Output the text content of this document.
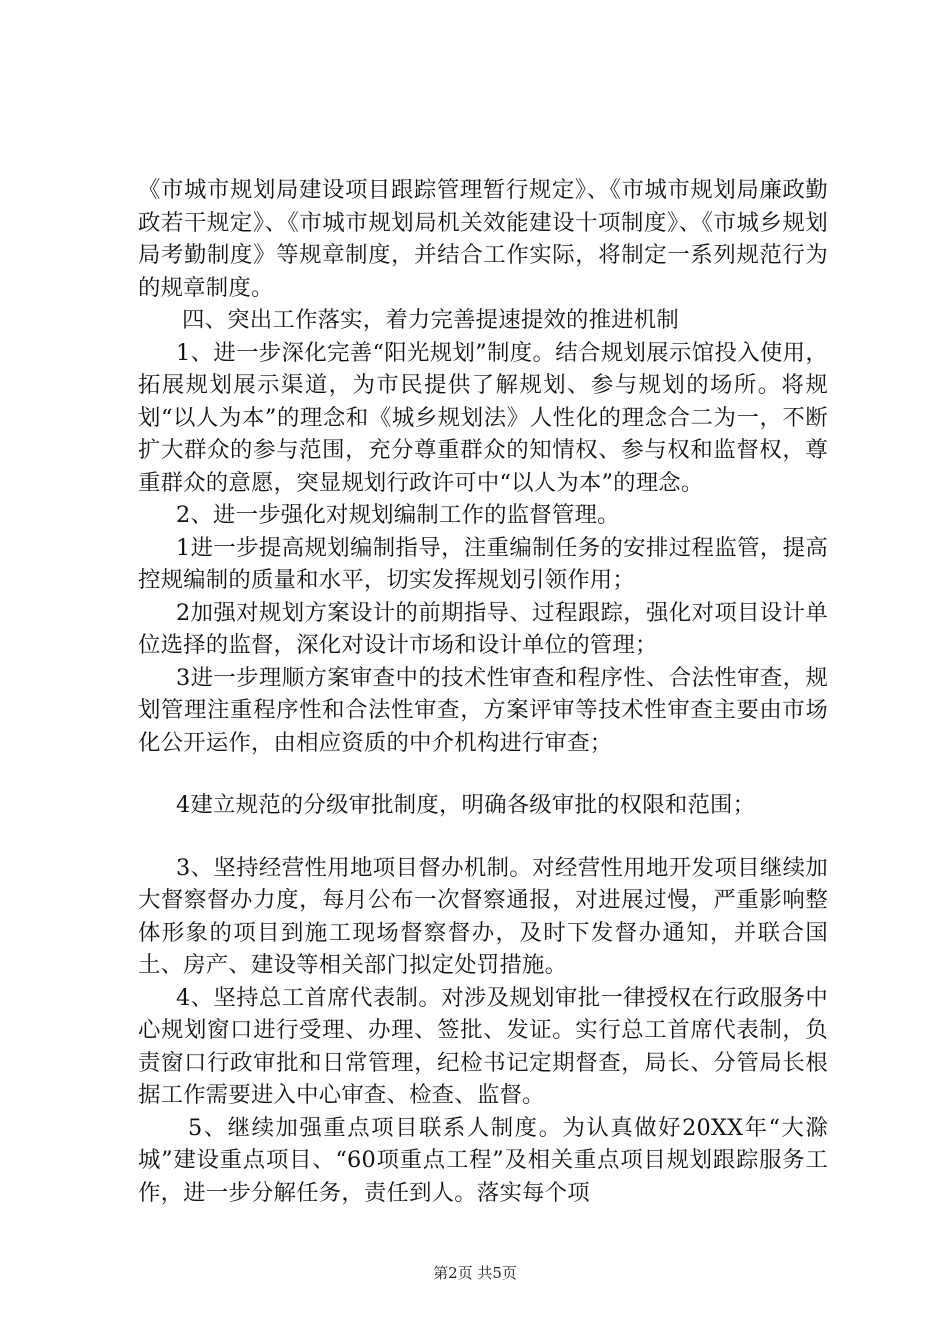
《市城市规划局建设项目跟踪管理暂行规定》、《市城市规划局廉政勤政若干规定》、《市城市规划局机关效能建设十项制度》、《市城乡规划局考勤制度》等规章制度，并结合工作实际，将制定一系列规范行为的规章制度。

四、突出工作落实，着力完善提速提效的推进机制

1、进一步深化完善“阳光规划”制度。结合规划展示馆投入使用，拓展规划展示渠道，为市民提供了解规划、参与规划的场所。将规划“以人为本”的理念和《城乡规划法》人性化的理念合二为一，不断扩大群众的参与范围，充分尊重群众的知情权、参与权和监督权，尊重群众的意愿，突显规划行政许可中“以人为本”的理念。

2、进一步强化对规划编制工作的监督管理。

1进一步提高规划编制指导，注重编制任务的安排过程监管，提高控规编制的质量和水平，切实发挥规划引领作用；

2加强对规划方案设计的前期指导、过程跟踪，强化对项目设计单位选择的监督，深化对设计市场和设计单位的管理；

3进一步理顺方案审查中的技术性审查和程序性、合法性审查，规划管理注重程序性和合法性审查，方案评审等技术性审查主要由市场化公开运作，由相应资质的中介机构进行审查；

4建立规范的分级审批制度，明确各级审批的权限和范围；

3、坚持经营性用地项目督办机制。对经营性用地开发项目继续加大督察督办力度，每月公布一次督察通报，对进展过慢，严重影响整体形象的项目到施工现场督察督办，及时下发督办通知，并联合国土、房产、建设等相关部门拟定处罚措施。

4、坚持总工首席代表制。对涉及规划审批一律授权在行政服务中心规划窗口进行受理、办理、签批、发证。实行总工首席代表制，负责窗口行政审批和日常管理，纪检书记定期督查，局长、分管局长根据工作需要进入中心审查、检查、监督。

5、继续加强重点项目联系人制度。为认真做好20XX年“大滁城”建设重点项目、“60项重点工程”及相关重点项目规划跟踪服务工作，进一步分解任务，责任到人。落实每个项

第2页 共5页
